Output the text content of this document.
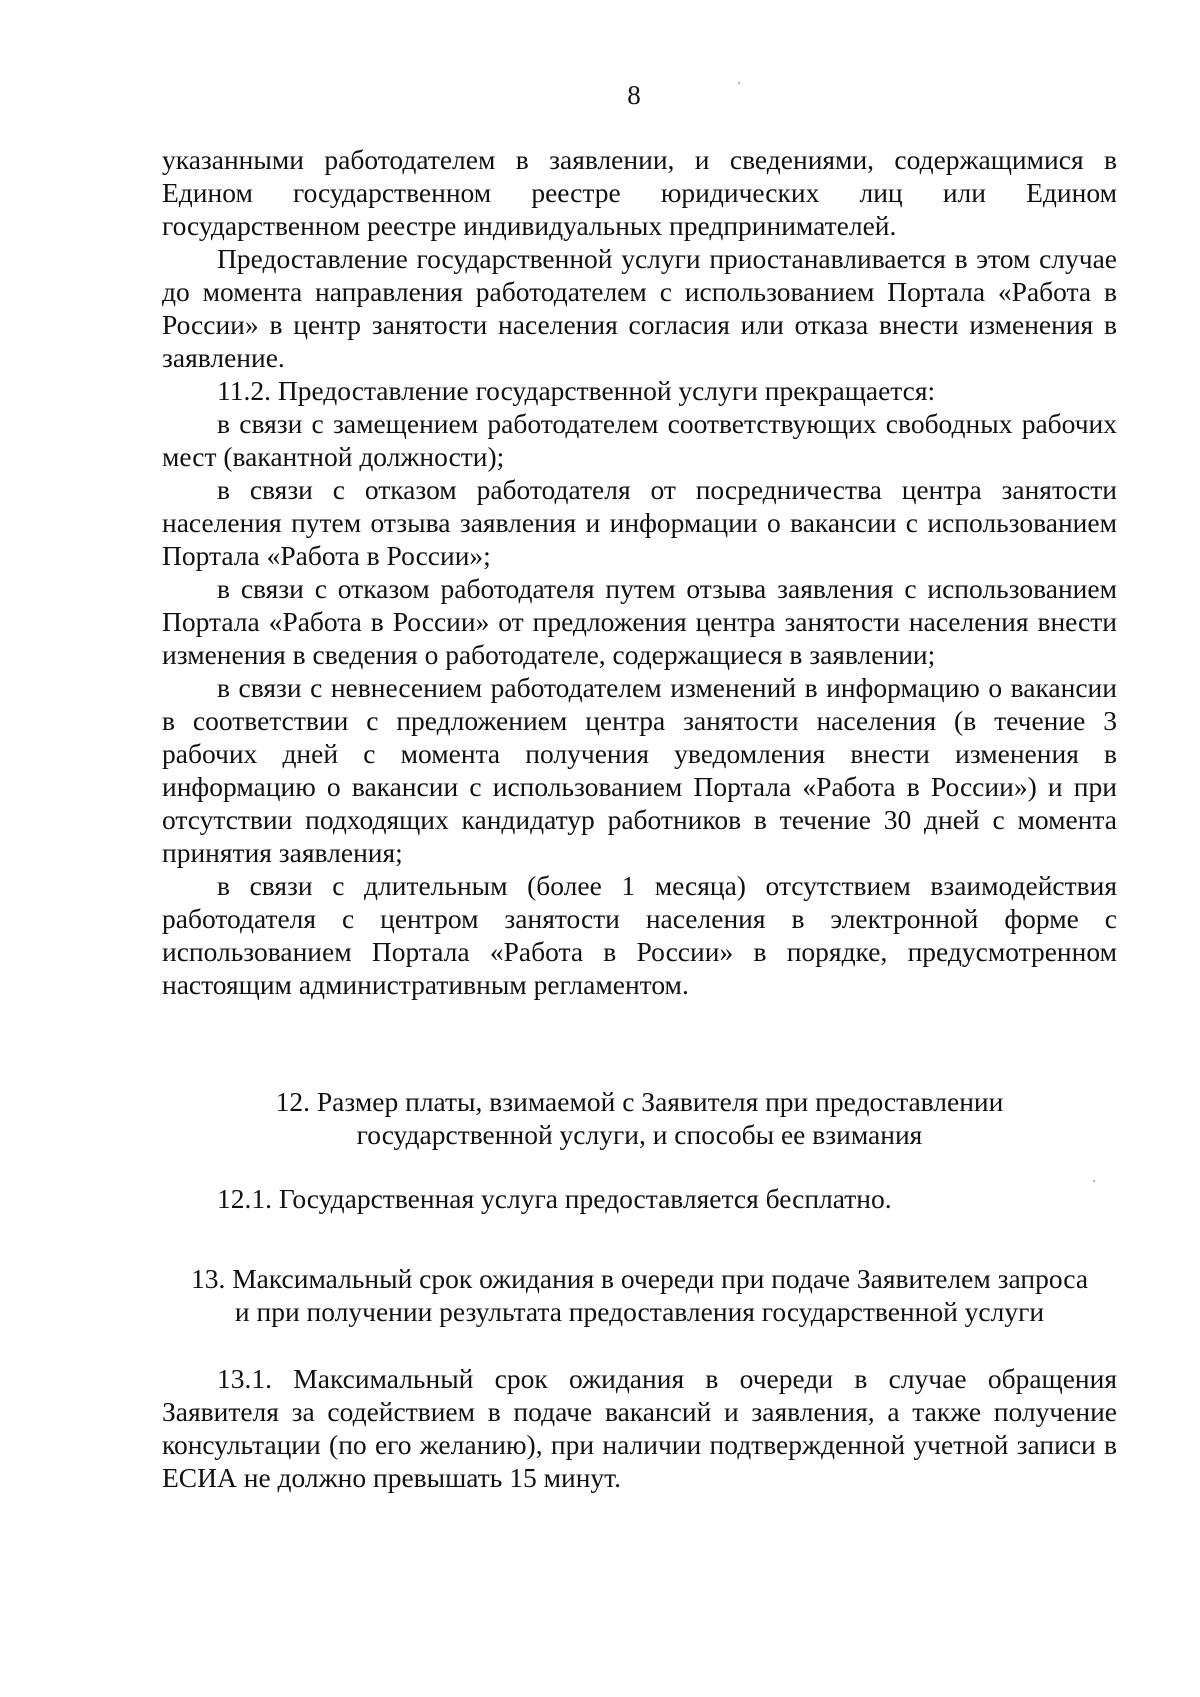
8

указанными работодателем в заявлении, и сведениями, содержащимися в Едином государственном реестре юридических лиц или Едином государственном реестре индивидуальных предпринимателей.

Предоставление государственной услуги приостанавливается в этом случае до момента направления работодателем с использованием Портала «Работа в России» в центр занятости населения согласия или отказа внести изменения в заявление.

11.2. Предоставление государственной услуги прекращается:

в связи с замещением работодателем соответствующих свободных рабочих мест (вакантной должности);

в связи с отказом работодателя от посредничества центра занятости населения путем отзыва заявления и информации о вакансии с использованием Портала «Работа в России»;

в связи с отказом работодателя путем отзыва заявления с использованием Портала «Работа в России» от предложения центра занятости населения внести изменения в сведения о работодателе, содержащиеся в заявлении;

в связи с невнесением работодателем изменений в информацию о вакансии в соответствии с предложением центра занятости населения (в течение 3 рабочих дней с момента получения уведомления внести изменения в информацию о вакансии с использованием Портала «Работа в России») и при отсутствии подходящих кандидатур работников в течение 30 дней с момента принятия заявления;

в связи с длительным (более 1 месяца) отсутствием взаимодействия работодателя с центром занятости населения в электронной форме с использованием Портала «Работа в России» в порядке, предусмотренном настоящим административным регламентом.

12. Размер платы, взимаемой с Заявителя при предоставлении
государственной услуги, и способы ее взимания

12.1. Государственная услуга предоставляется бесплатно.

13. Максимальный срок ожидания в очереди при подаче Заявителем запроса
и при получении результата предоставления государственной услуги

13.1. Максимальный срок ожидания в очереди в случае обращения Заявителя за содействием в подаче вакансий и заявления, а также получение консультации (по его желанию), при наличии подтвержденной учетной записи в ЕСИА не должно превышать 15 минут.
